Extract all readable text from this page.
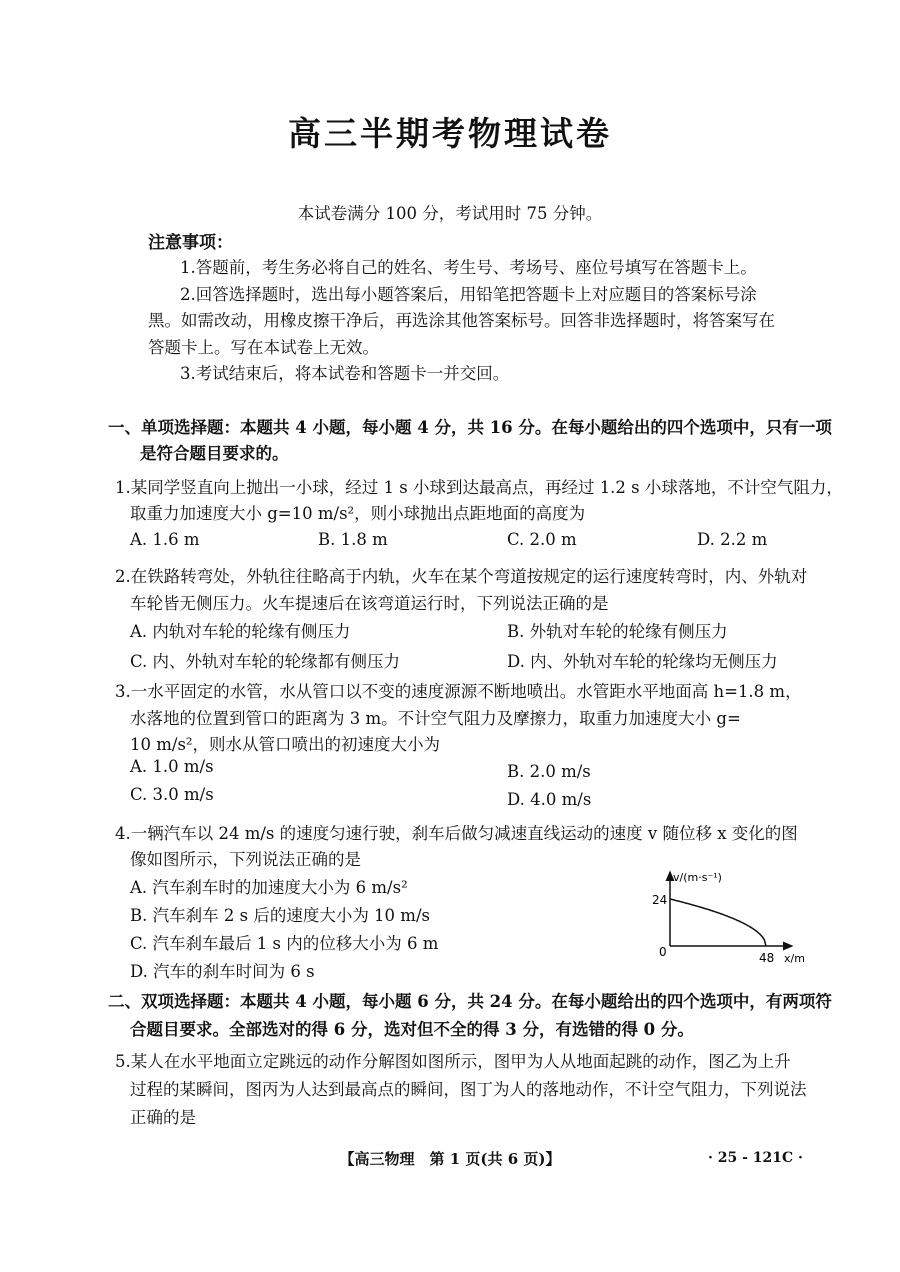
高三半期考物理试卷
本试卷满分 100 分，考试用时 75 分钟。
注意事项：
1.答题前，考生务必将自己的姓名、考生号、考场号、座位号填写在答题卡上。
2.回答选择题时，选出每小题答案后，用铅笔把答题卡上对应题目的答案标号涂
黑。如需改动，用橡皮擦干净后，再选涂其他答案标号。回答非选择题时，将答案写在
答题卡上。写在本试卷上无效。
3.考试结束后，将本试卷和答题卡一并交回。
一、单项选择题：本题共 4 小题，每小题 4 分，共 16 分。在每小题给出的四个选项中，只有一项
是符合题目要求的。
1.某同学竖直向上抛出一小球，经过 1 s 小球到达最高点，再经过 1.2 s 小球落地，不计空气阻力，
取重力加速度大小 g=10 m/s²，则小球抛出点距地面的高度为
A. 1.6 m	B. 1.8 m	C. 2.0 m	D. 2.2 m
2.在铁路转弯处，外轨往往略高于内轨，火车在某个弯道按规定的运行速度转弯时，内、外轨对
车轮皆无侧压力。火车提速后在该弯道运行时，下列说法正确的是
A. 内轨对车轮的轮缘有侧压力	B. 外轨对车轮的轮缘有侧压力
C. 内、外轨对车轮的轮缘都有侧压力	D. 内、外轨对车轮的轮缘均无侧压力
3.一水平固定的水管，水从管口以不变的速度源源不断地喷出。水管距水平地面高 h=1.8 m，
水落地的位置到管口的距离为 3 m。不计空气阻力及摩擦力，取重力加速度大小 g=
10 m/s²，则水从管口喷出的初速度大小为
A. 1.0 m/s	B. 2.0 m/s
C. 3.0 m/s	D. 4.0 m/s
4.一辆汽车以 24 m/s 的速度匀速行驶，刹车后做匀减速直线运动的速度 v 随位移 x 变化的图
像如图所示，下列说法正确的是
A. 汽车刹车时的加速度大小为 6 m/s²
B. 汽车刹车 2 s 后的速度大小为 10 m/s
C. 汽车刹车最后 1 s 内的位移大小为 6 m
D. 汽车的刹车时间为 6 s
v/(m·s⁻¹)
24
0	48 x/m
二、双项选择题：本题共 4 小题，每小题 6 分，共 24 分。在每小题给出的四个选项中，有两项符
合题目要求。全部选对的得 6 分，选对但不全的得 3 分，有选错的得 0 分。
5.某人在水平地面立定跳远的动作分解图如图所示，图甲为人从地面起跳的动作，图乙为上升
过程的某瞬间，图丙为人达到最高点的瞬间，图丁为人的落地动作，不计空气阻力，下列说法
正确的是
【高三物理　第 1 页(共 6 页)】	· 25 - 121C ·
